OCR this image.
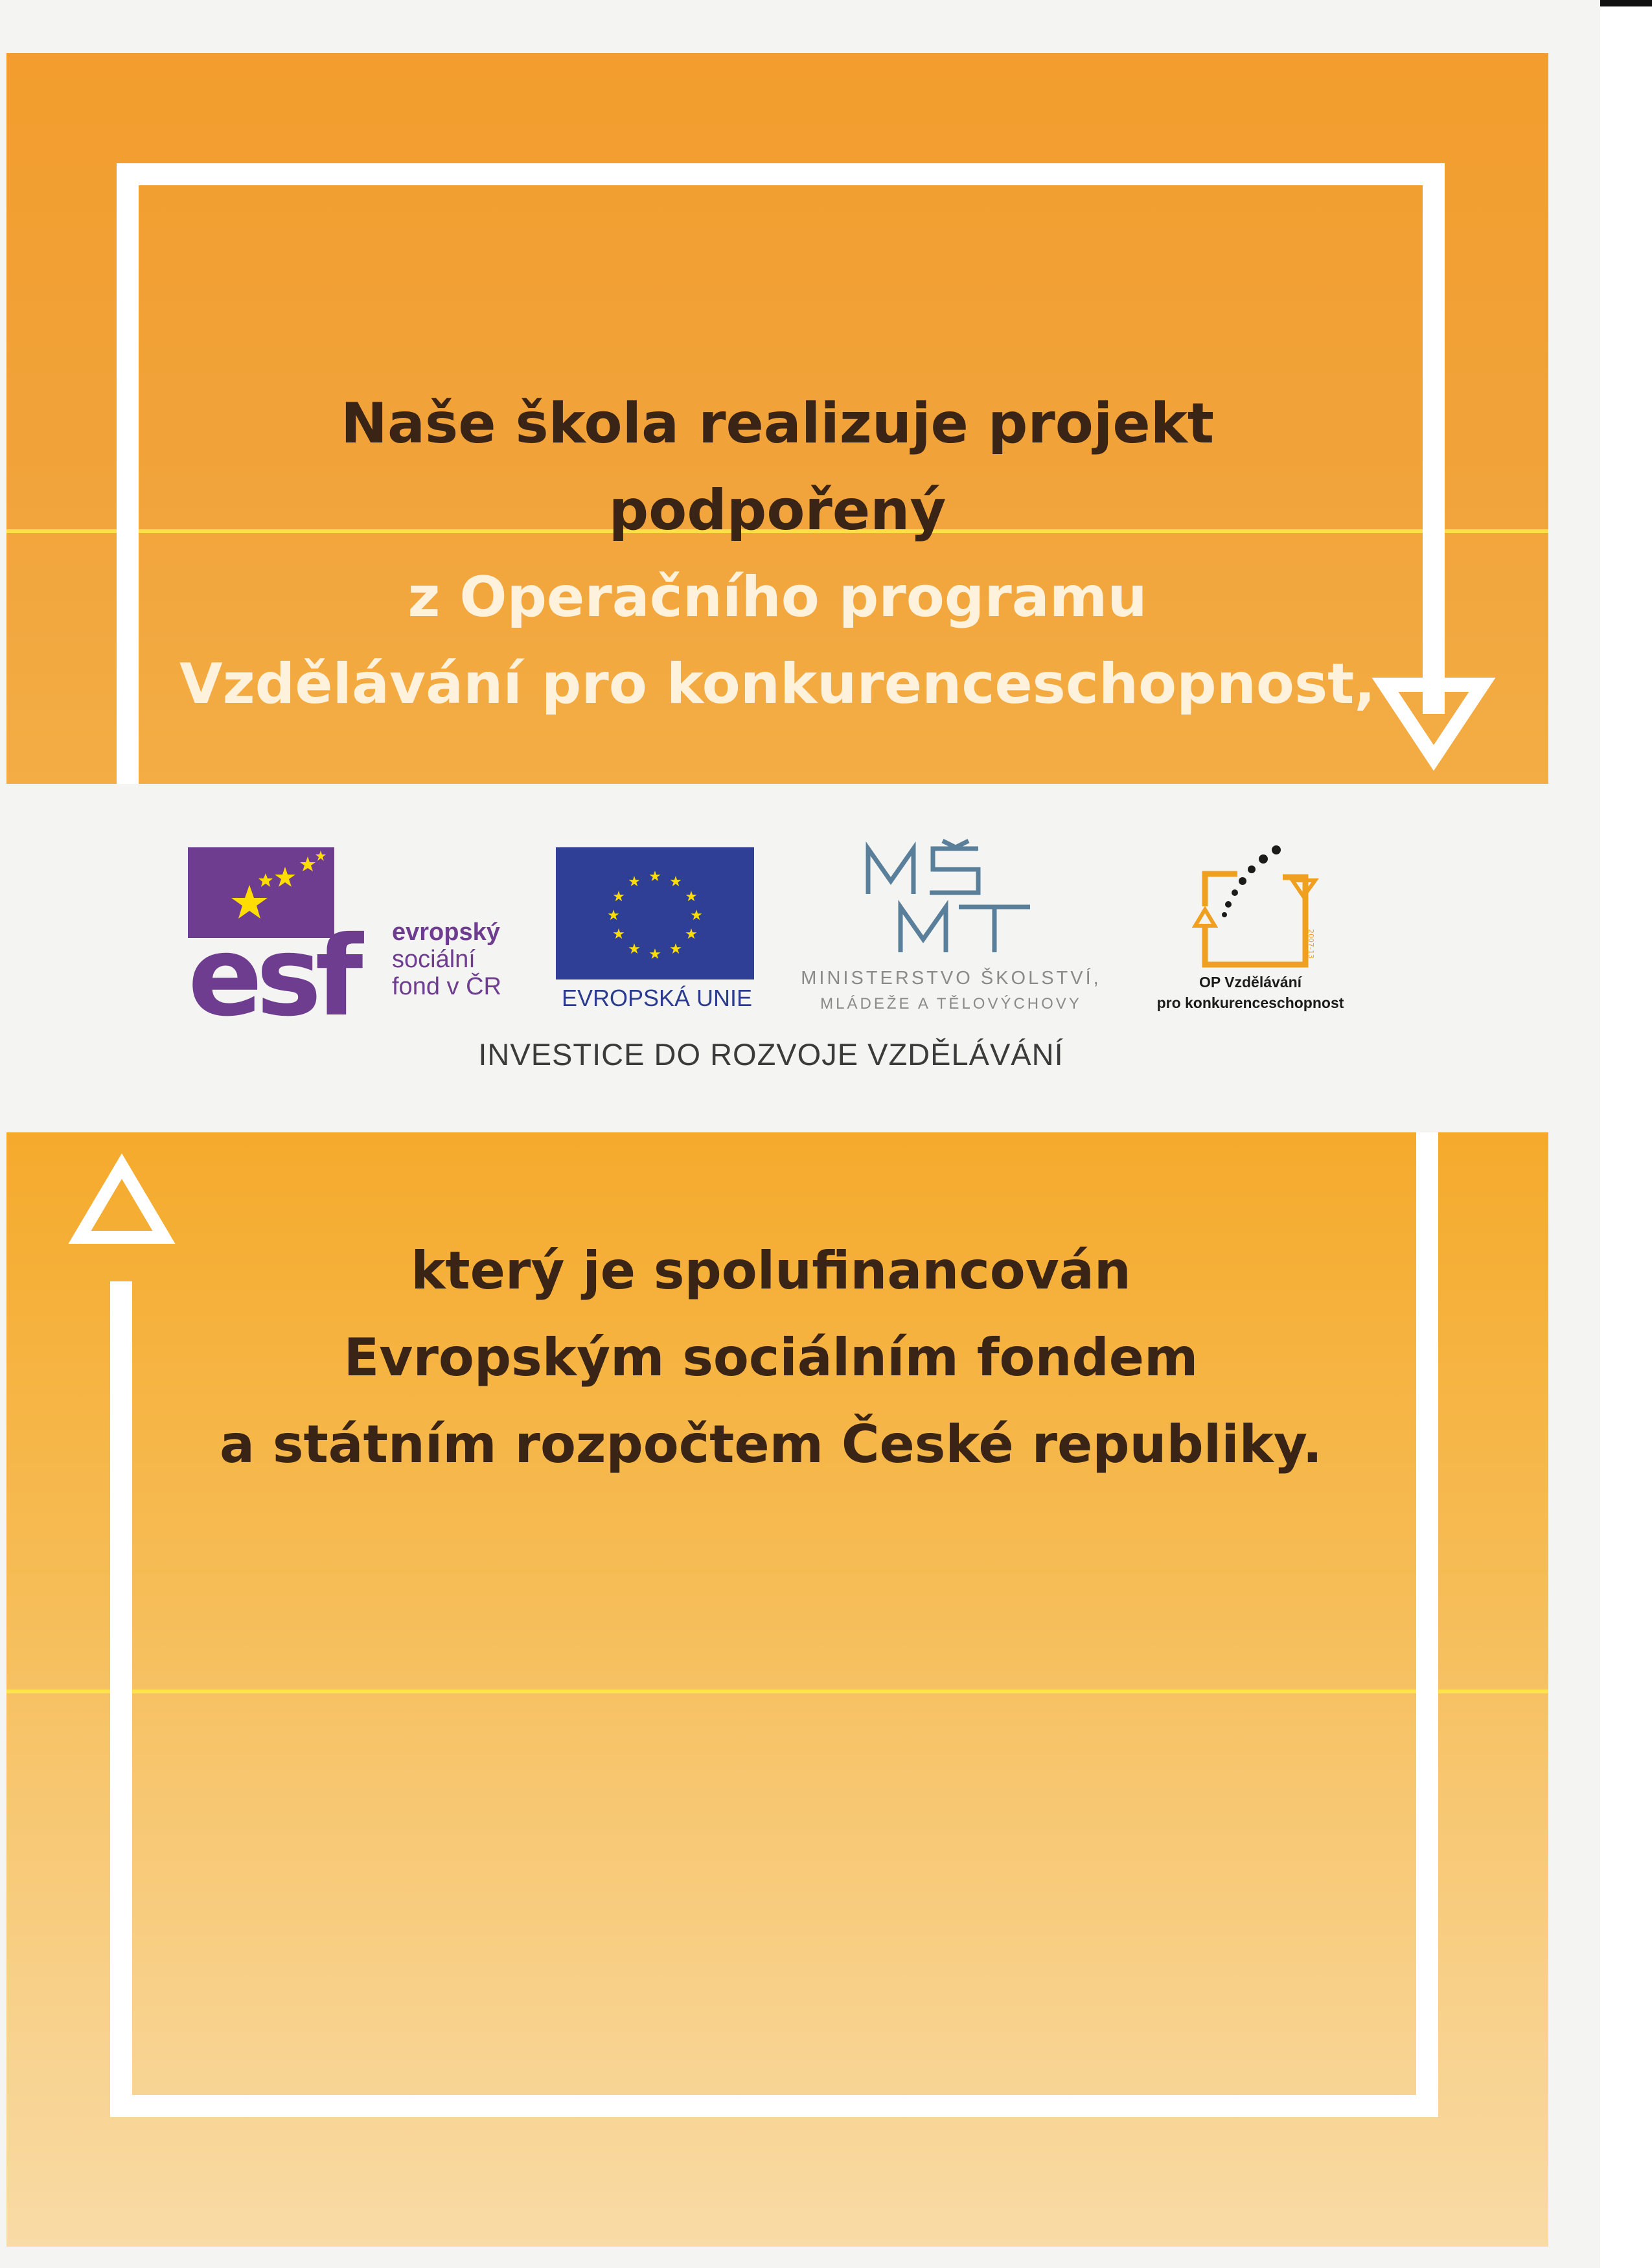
Naše škola realizuje projekt
podpořený
z Operačního programu
Vzdělávání pro konkurenceschopnost,
esf	evropský
sociální
fond v ČR
★ ★
★
★
★
★
★
★
★
★
★
★
EVROPSKÁ UNIE
MINISTERSTVO ŠKOLSTVÍ,
MLÁDEŽE A TĚLOVÝCHOVY
2007-13
OP Vzdělávání
pro konkurenceschopnost
INVESTICE DO ROZVOJE VZDĚLÁVÁNÍ
který je spolufinancován
Evropským sociálním fondem
a státním rozpočtem České republiky.
